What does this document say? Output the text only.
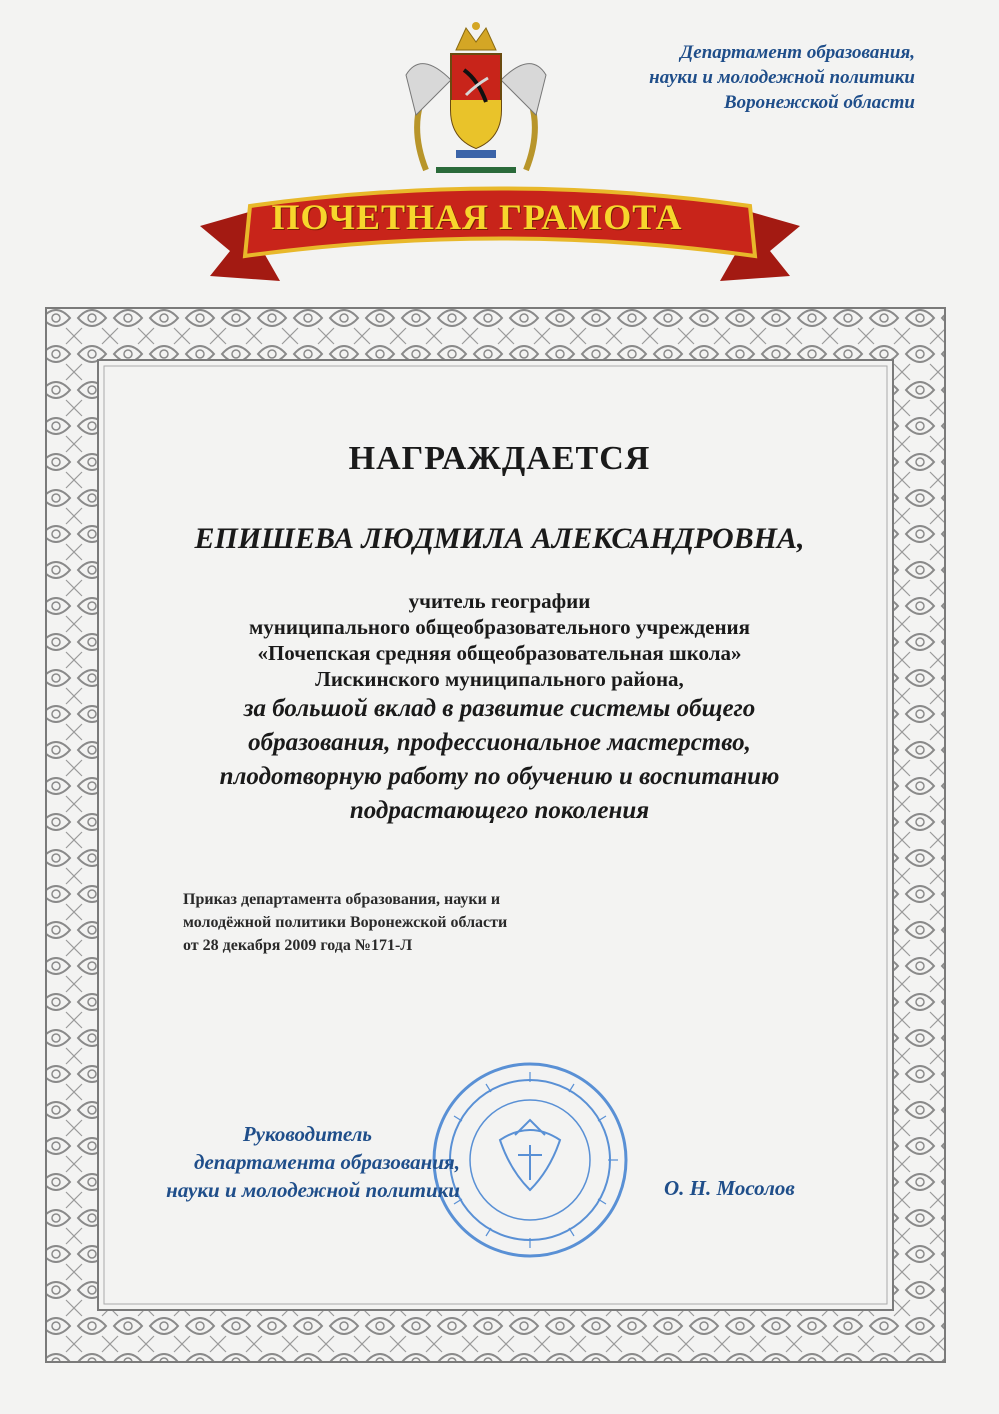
Департамент образования,
науки и молодежной политики
Воронежской области
ПОЧЕТНАЯ ГРАМОТА
НАГРАЖДАЕТСЯ
ЕПИШЕВА ЛЮДМИЛА АЛЕКСАНДРОВНА,
учитель географии
муниципального общеобразовательного учреждения
«Почепская средняя общеобразовательная школа»
Лискинского муниципального района,
за большой вклад в развитие системы общего
образования, профессиональное мастерство,
плодотворную работу по обучению и воспитанию
подрастающего поколения
Приказ департамента образования, науки и
молодёжной политики Воронежской области
от 28 декабря 2009 года №171-Л
Руководитель
департамента образования,
науки и молодежной политики	О. Н. Мосолов
